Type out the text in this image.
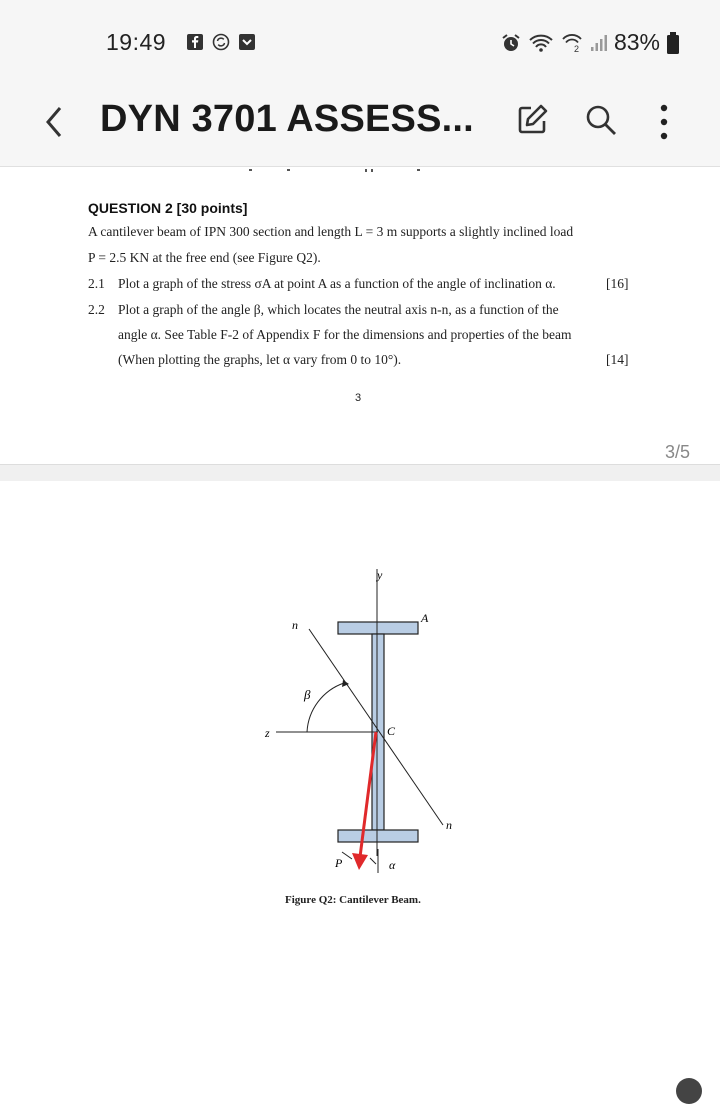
19:49	2 83%
DYN 3701 ASSESS...
QUESTION 2 [30 points]
A cantilever beam of IPN 300 section and length L = 3 m supports a slightly inclined load
P = 2.5 KN at the free end (see Figure Q2).
2.1 Plot a graph of the stress σA at point A as a function of the angle of inclination α.	[16]
2.2 Plot a graph of the angle β, which locates the neutral axis n-n, as a function of the
angle α. See Table F-2 of Appendix F for the dimensions and properties of the beam
(When plotting the graphs, let α vary from 0 to 10°).	[14]
3
3/5
y
z
n
n
A
C
P	α
β
Figure Q2: Cantilever Beam.
